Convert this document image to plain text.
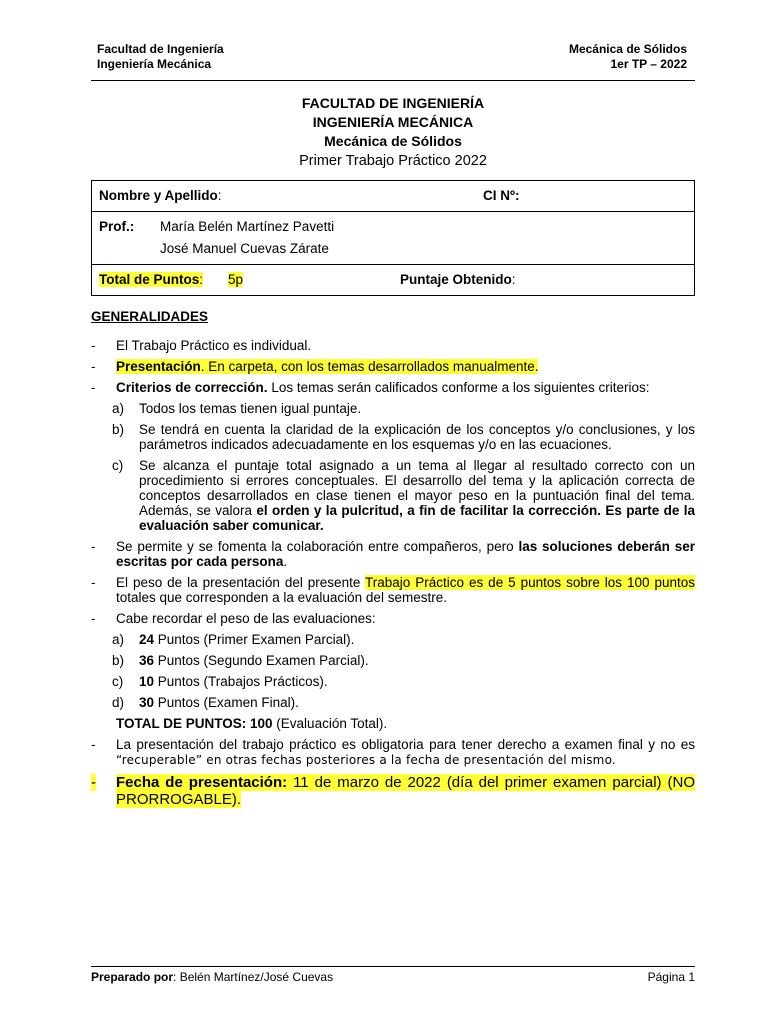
Facultad de Ingeniería
Ingeniería Mecánica
Mecánica de Sólidos
1er TP – 2022
FACULTAD DE INGENIERÍA
INGENIERÍA MECÁNICA
Mecánica de Sólidos
Primer Trabajo Práctico 2022
Nombre y Apellido:	CI Nº:
Prof.: María Belén Martínez Pavetti
José Manuel Cuevas Zárate
Total de Puntos: 5p	Puntaje Obtenido:
GENERALIDADES
- El Trabajo Práctico es individual.
- Presentación. En carpeta, con los temas desarrollados manualmente.
- Criterios de corrección. Los temas serán calificados conforme a los siguientes criterios:
a) Todos los temas tienen igual puntaje.
b) Se tendrá en cuenta la claridad de la explicación de los conceptos y/o conclusiones, y los parámetros indicados adecuadamente en los esquemas y/o en las ecuaciones.
c) Se alcanza el puntaje total asignado a un tema al llegar al resultado correcto con un procedimiento si errores conceptuales. El desarrollo del tema y la aplicación correcta de conceptos desarrollados en clase tienen el mayor peso en la puntuación final del tema. Además, se valora el orden y la pulcritud, a fin de facilitar la corrección. Es parte de la evaluación saber comunicar.
- Se permite y se fomenta la colaboración entre compañeros, pero las soluciones deberán ser escritas por cada persona.
- El peso de la presentación del presente Trabajo Práctico es de 5 puntos sobre los 100 puntos totales que corresponden a la evaluación del semestre.
- Cabe recordar el peso de las evaluaciones:
a) 24 Puntos (Primer Examen Parcial).
b) 36 Puntos (Segundo Examen Parcial).
c) 10 Puntos (Trabajos Prácticos).
d) 30 Puntos (Examen Final).
TOTAL DE PUNTOS: 100 (Evaluación Total).
- La presentación del trabajo práctico es obligatoria para tener derecho a examen final y no es “recuperable” en otras fechas posteriores a la fecha de presentación del mismo.
- Fecha de presentación: 11 de marzo de 2022 (día del primer examen parcial) (NO PRORROGABLE).
Preparado por: Belén Martínez/José Cuevas	Página 1
